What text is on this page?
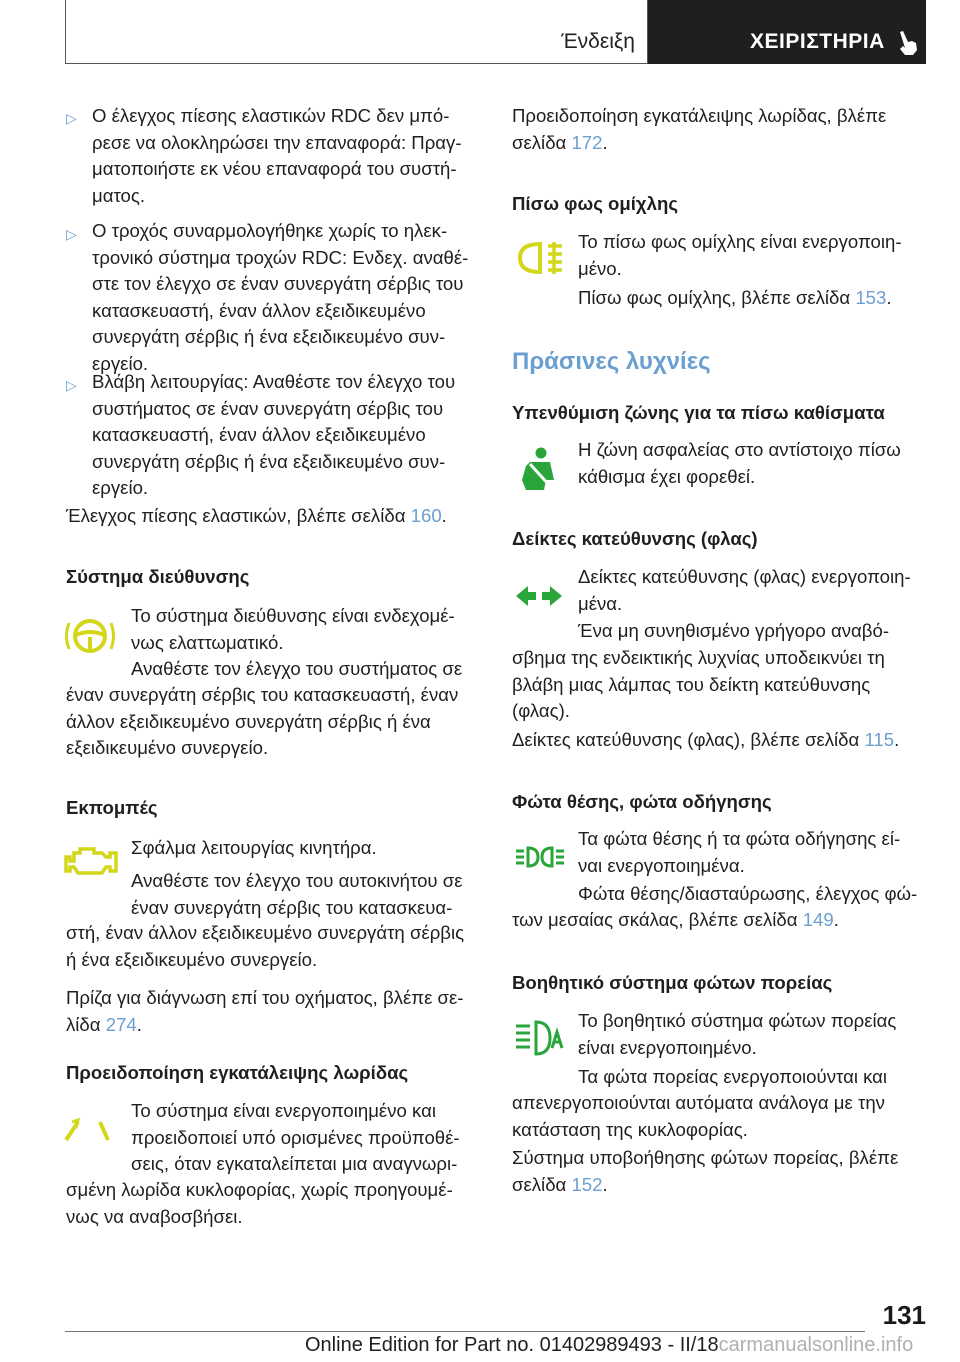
Ένδειξη	ΧΕΙΡΙΣΤΗΡΙΑ
▷ Ο έλεγχος πίεσης ελαστικών RDC δεν μπό-
ρεσε να ολοκληρώσει την επαναφορά: Πραγ-
ματοποιήστε εκ νέου επαναφορά του συστή-
ματος.
▷ Ο τροχός συναρμολογήθηκε χωρίς το ηλεκ-
τρονικό σύστημα τροχών RDC: Ενδεχ. αναθέ-
στε τον έλεγχο σε έναν συνεργάτη σέρβις του
κατασκευαστή, έναν άλλον εξειδικευμένο
συνεργάτη σέρβις ή ένα εξειδικευμένο συν-
εργείο.
▷ Βλάβη λειτουργίας: Αναθέστε τον έλεγχο του
συστήματος σε έναν συνεργάτη σέρβις του
κατασκευαστή, έναν άλλον εξειδικευμένο
συνεργάτη σέρβις ή ένα εξειδικευμένο συν-
εργείο.
Έλεγχος πίεσης ελαστικών, βλέπε σελίδα 160.
Σύστημα διεύθυνσης
Το σύστημα διεύθυνσης είναι ενδεχομέ-
νως ελαττωματικό.
Αναθέστε τον έλεγχο του συστήματος σε
έναν συνεργάτη σέρβις του κατασκευαστή, έναν
άλλον εξειδικευμένο συνεργάτη σέρβις ή ένα
εξειδικευμένο συνεργείο.
Εκπομπές
Σφάλμα λειτουργίας κινητήρα.
Αναθέστε τον έλεγχο του αυτοκινήτου σε
έναν συνεργάτη σέρβις του κατασκευα-
στή, έναν άλλον εξειδικευμένο συνεργάτη σέρβις
ή ένα εξειδικευμένο συνεργείο.
Πρίζα για διάγνωση επί του οχήματος, βλέπε σε-
λίδα 274.
Προειδοποίηση εγκατάλειψης λωρίδας
Το σύστημα είναι ενεργοποιημένο και
προειδοποιεί υπό ορισμένες προϋποθέ-
σεις, όταν εγκαταλείπεται μια αναγνωρι-
σμένη λωρίδα κυκλοφορίας, χωρίς προηγουμέ-
νως να αναβοσβήσει.
Προειδοποίηση εγκατάλειψης λωρίδας, βλέπε
σελίδα 172.
Πίσω φως ομίχλης
Το πίσω φως ομίχλης είναι ενεργοποιη-
μένο.
Πίσω φως ομίχλης, βλέπε σελίδα 153.
Πράσινες λυχνίες
Υπενθύμιση ζώνης για τα πίσω καθίσματα
Η ζώνη ασφαλείας στο αντίστοιχο πίσω
κάθισμα έχει φορεθεί.
Δείκτες κατεύθυνσης (φλας)
Δείκτες κατεύθυνσης (φλας) ενεργοποιη-
μένα.
Ένα μη συνηθισμένο γρήγορο αναβό-
σβημα της ενδεικτικής λυχνίας υποδεικνύει τη
βλάβη μιας λάμπας του δείκτη κατεύθυνσης
(φλας).
Δείκτες κατεύθυνσης (φλας), βλέπε σελίδα 115.
Φώτα θέσης, φώτα οδήγησης
Τα φώτα θέσης ή τα φώτα οδήγησης εί-
ναι ενεργοποιημένα.
Φώτα θέσης/διασταύρωσης, έλεγχος φώ-
των μεσαίας σκάλας, βλέπε σελίδα 149.
Βοηθητικό σύστημα φώτων πορείας
Το βοηθητικό σύστημα φώτων πορείας
είναι ενεργοποιημένο.
Τα φώτα πορείας ενεργοποιούνται και
απενεργοποιούνται αυτόματα ανάλογα με την
κατάσταση της κυκλοφορίας.
Σύστημα υποβοήθησης φώτων πορείας, βλέπε
σελίδα 152.
131
Online Edition for Part no. 01402989493 - II/18carmanualsonline.info
